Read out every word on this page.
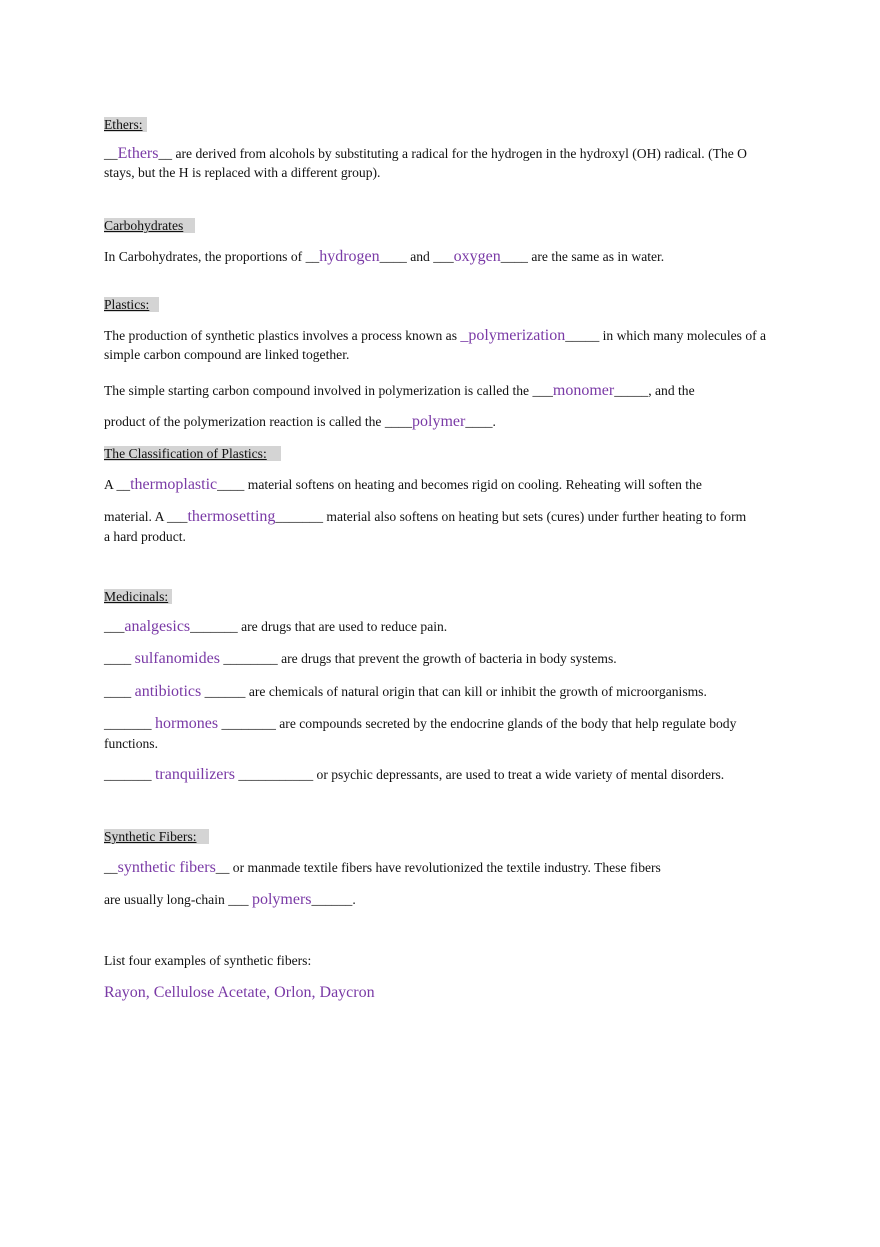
Ethers:
__Ethers__ are derived from alcohols by substituting a radical for the hydrogen in the hydroxyl (OH) radical. (The O
stays, but the H is replaced with a different group).
Carbohydrates
In Carbohydrates, the proportions of __hydrogen____ and ___oxygen____ are the same as in water.
Plastics:
The production of synthetic plastics involves a process known as _polymerization_____ in which many molecules of a
simple carbon compound are linked together.
The simple starting carbon compound involved in polymerization is called the ___monomer_____, and the
product of the polymerization reaction is called the ____polymer____.
The Classification of Plastics:
A __thermoplastic____ material softens on heating and becomes rigid on cooling. Reheating will soften the
material. A ___thermosetting_______ material also softens on heating but sets (cures) under further heating to form
a hard product.
Medicinals:
___analgesics_______ are drugs that are used to reduce pain.
____ sulfanomides ________ are drugs that prevent the growth of bacteria in body systems.
____ antibiotics ______ are chemicals of natural origin that can kill or inhibit the growth of microorganisms.
_______ hormones ________ are compounds secreted by the endocrine glands of the body that help regulate body
functions.
_______ tranquilizers ___________ or psychic depressants, are used to treat a wide variety of mental disorders.
Synthetic Fibers:
__synthetic fibers__ or manmade textile fibers have revolutionized the textile industry. These fibers
are usually long-chain ___ polymers______.
List four examples of synthetic fibers:
Rayon, Cellulose Acetate, Orlon, Daycron
